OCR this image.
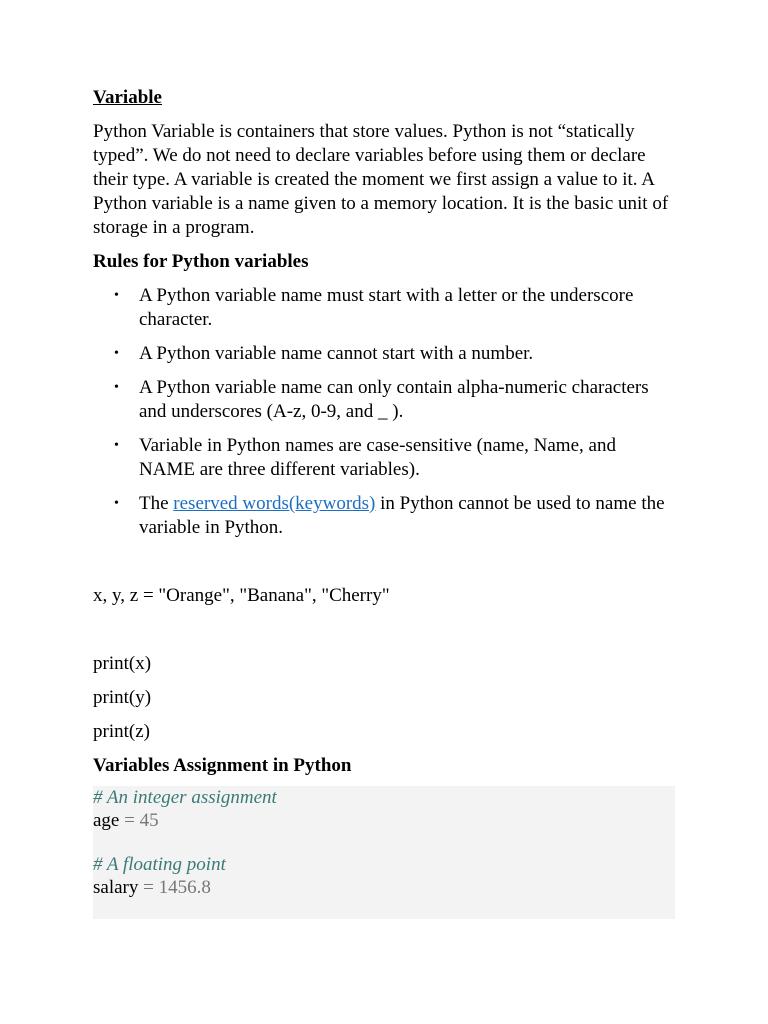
Variable
Python Variable is containers that store values. Python is not “statically typed”. We do not need to declare variables before using them or declare their type. A variable is created the moment we first assign a value to it. A Python variable is a name given to a memory location. It is the basic unit of storage in a program.
Rules for Python variables
• A Python variable name must start with a letter or the underscore character.
• A Python variable name cannot start with a number.
• A Python variable name can only contain alpha-numeric characters and underscores (A-z, 0-9, and _ ).
• Variable in Python names are case-sensitive (name, Name, and NAME are three different variables).
• The reserved words(keywords) in Python cannot be used to name the variable in Python.
x, y, z = "Orange", "Banana", "Cherry"
print(x)
print(y)
print(z)
Variables Assignment in Python
# An integer assignment
age = 45
# A floating point
salary = 1456.8
